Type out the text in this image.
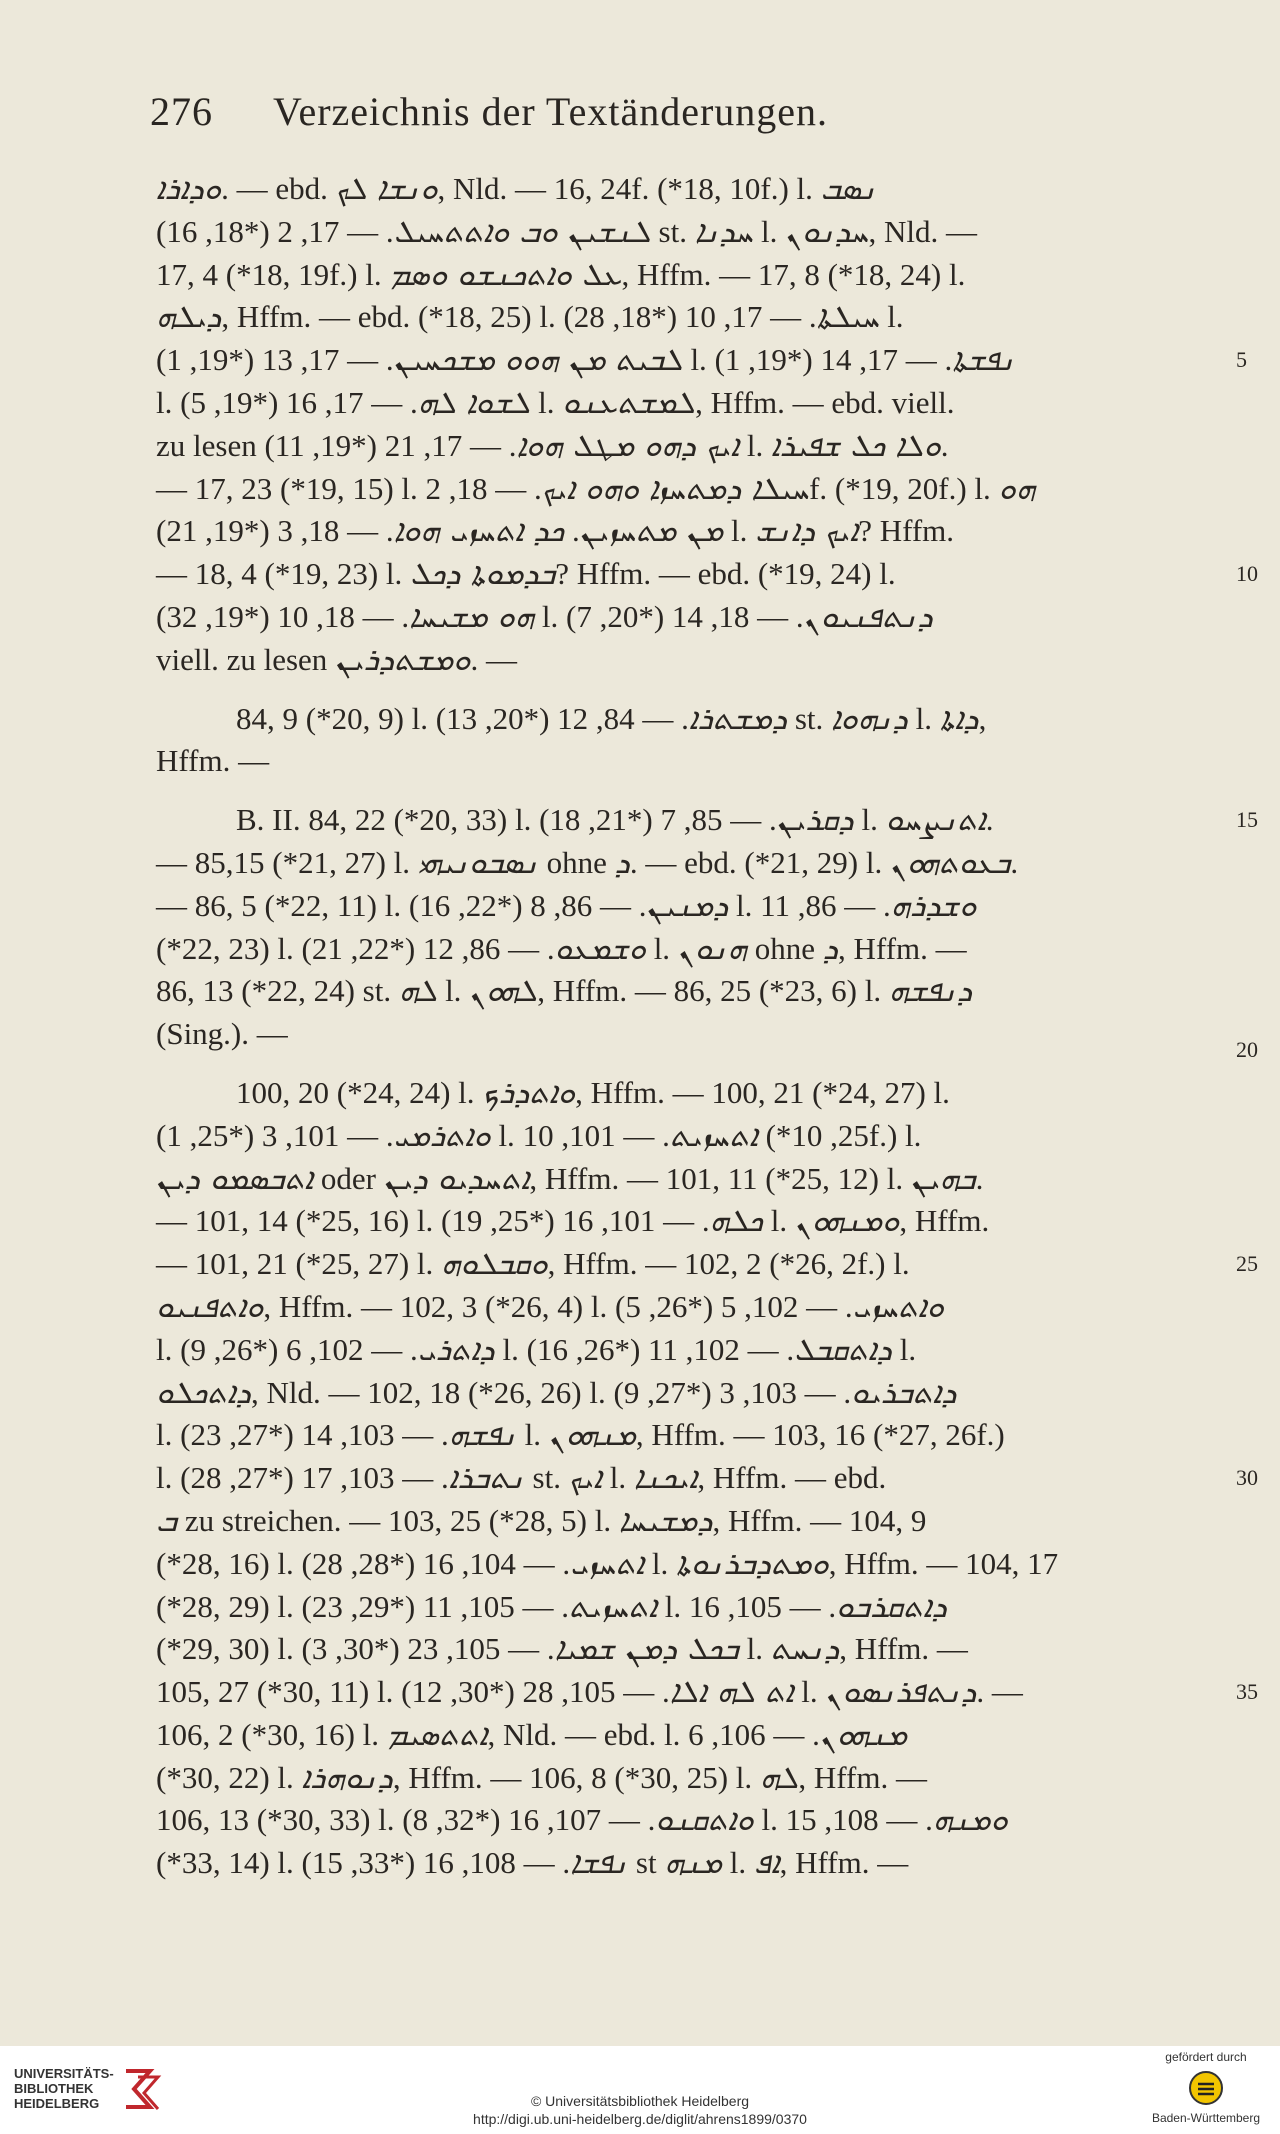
276 Verzeichnis der Textänderungen.
ܘܕܐܪܐ. — ebd. ܘܢܫܐ ܠܟ, Nld. — 16, 24f. (*18, 10f.) l. ܢܣܒ
ܠܢܫܝܢ ܘܒ ܘܐܬܬܚܝܠ. — 17, 2 (*18, 16) st. ܚܕܢܐ l. ܚܕܢܘܢ, Nld. —
17, 4 (*18, 19f.) l. ܥܠ ܘܐܬܟܢܫܘ ܘܣܡ, Hffm. — 17, 8 (*18, 24) l.
ܕܝܠܗ, Hffm. — ebd. (*18, 25) l.	ܚܝܠܬܐ. — 17, 10 (*18, 28) l.
ܠܒܝܬ ܡܢ ܗܘܘ ܡܫܟܚܝܢ. — 17, 13 (*19, 1) l.	ܢܦܫܬܐ. — 17, 14 (*19, 1)
l.	ܠܫܘܐ ܠܗ. — 17, 16 (*19, 5) l. ܠܡܫܬܥܢܘ, Hffm. — ebd. viell.
zu lesen	ܐܝܟ ܕܗܘ ܡܛܠ ܗܘܐ. — 17, 21 (*19, 11) l. ܘܠܐ ܟܠ ܫܦܝܪܐ.
— 17, 23 (*19, 15) l.	ܚܝܠܐ ܕܡܬܚܙܐ ܘܗܘ ܐܝܟ. — 18, 2f. (*19, 20f.) l. ܗܘ
ܡܢ ܡܬܚܙܝܢ. ܟܕ ܐܬܚܙܝ ܗܘܐ. — 18, 3 (*19, 21) l. ܐܝܟ ܕܐܢܫ? Hffm.
— 18, 4 (*19, 23) l. ܒܕܡܘܬܐ ܕܟܠ? Hffm. — ebd. (*19, 24) l.
ܗܘ ܡܫܝܚܐ. — 18, 10 (*19, 32) l.	ܕܢܬܦܢܝܘܢ. — 18, 14 (*20, 7)
viell. zu lesen ܘܡܫܬܕܪܝܢ. —
84, 9 (*20, 9) l.	ܕܡܫܬܪܐ. — 84, 12 (*20, 13) st. ܕܢܗܘܐ l. ܕܐܬܐ,
Hffm. —
B. II. 84, 22 (*20, 33) l.	ܕܩܪܝܢ. — 85, 7 (*21, 18) l. ܐܬܢܨܚܘ.
— 85,15 (*21, 27) l. ܢܣܒܘܢܝܗܝ ohne ܕ. — ebd. (*21, 29) l. ܒܥܘܬܗܘܢ.
— 86, 5 (*22, 11) l.	ܕܡܢܝܢ. — 86, 8 (*22, 16) l.	ܘܫܕܪܗ. — 86, 11
(*22, 23) l.	ܘܫܡܥܘ. — 86, 12 (*22, 21) l. ܗܢܘܢ ohne ܕ, Hffm. —
86, 13 (*22, 24) st. ܠܗ l. ܠܗܘܢ, Hffm. — 86, 25 (*23, 6) l. ܕܢܦܫܗ
(Sing.). —
100, 20 (*24, 24) l. ܘܐܬܕܪܟ, Hffm. — 100, 21 (*24, 27) l.
ܘܐܬܪܡܝ. — 101, 3 (*25, 1) l.	ܐܬܚܙܝܬ. — 101, 10 (*25, 10f.) l.
ܐܬܒܣܡܘ ܕܝܢ oder ܐܬܚܕܝܘ ܕܝܢ, Hffm. — 101, 11 (*25, 12) l. ܒܗܝܢ.
— 101, 14 (*25, 16) l.	ܟܠܗ. — 101, 16 (*25, 19) l. ܘܡܢܗܘܢ, Hffm.
— 101, 21 (*25, 27) l. ܘܩܒܠܘܗ, Hffm. — 102, 2 (*26, 2f.) l.
ܘܐܬܦܢܝܘ, Hffm. — 102, 3 (*26, 4) l.	ܘܐܬܚܙܝ. — 102, 5 (*26, 5)
l.	ܕܐܬܪܝ. — 102, 6 (*26, 9) l.	ܕܐܬܩܒܠ. — 102, 11 (*26, 16) l.
ܕܐܬܟܠܘ, Nld. — 102, 18 (*26, 26) l.	ܕܐܬܒܪܝܘ. — 103, 3 (*27, 9)
l.	ܢܦܫܗ. — 103, 14 (*27, 23) l. ܡܢܗܘܢ, Hffm. — 103, 16 (*27, 26f.)
l.	ܢܬܒܪܐ. — 103, 17 (*27, 28) st. ܐܝܟ l. ܐܝܟܢܐ, Hffm. — ebd.
ܒ zu streichen. — 103, 25 (*28, 5) l. ܕܡܫܝܚܐ, Hffm. — 104, 9
(*28, 16) l.	ܐܬܚܙܝ. — 104, 16 (*28, 28) l. ܘܡܬܕܒܪܢܘܬܐ, Hffm. — 104, 17
(*28, 29) l.	ܐܬܚܙܝܬ. — 105, 11 (*29, 23) l.	ܕܐܬܩܪܒܘ. — 105, 16
(*29, 30) l.	ܒܟܠ ܕܡܢ ܫܡܝܐ. — 105, 23 (*30, 3) l. ܕܢܚܬ, Hffm. —
105, 27 (*30, 11) l.	ܐܬ ܠܗ ܐܠܐ. — 105, 28 (*30, 12) l. ܕܢܬܦܪܢܣܘܢ. —
106, 2 (*30, 16) l. ܐܬܬܣܝܡ, Nld. — ebd. l.	ܡܢܗܘܢ. — 106, 6
(*30, 22) l. ܕܢܘܗܪܐ, Hffm. — 106, 8 (*30, 25) l. ܠܗ, Hffm. —
106, 13 (*30, 33) l.	ܘܐܬܩܢܘ. — 107, 16 (*32, 8) l.	ܘܡܢܗ. — 108, 15
(*33, 14) l.	ܢܦܫܐ. — 108, 16 (*33, 15) st ܡܢܗ l. ܐܦ, Hffm. —
5
10
15
20
25
30
35
UNIVERSITÄTS-
BIBLIOTHEK
HEIDELBERG	© Universitätsbibliothek Heidelberg
http://digi.ub.uni-heidelberg.de/diglit/ahrens1899/0370
gefördert durch
Baden-Württemberg
